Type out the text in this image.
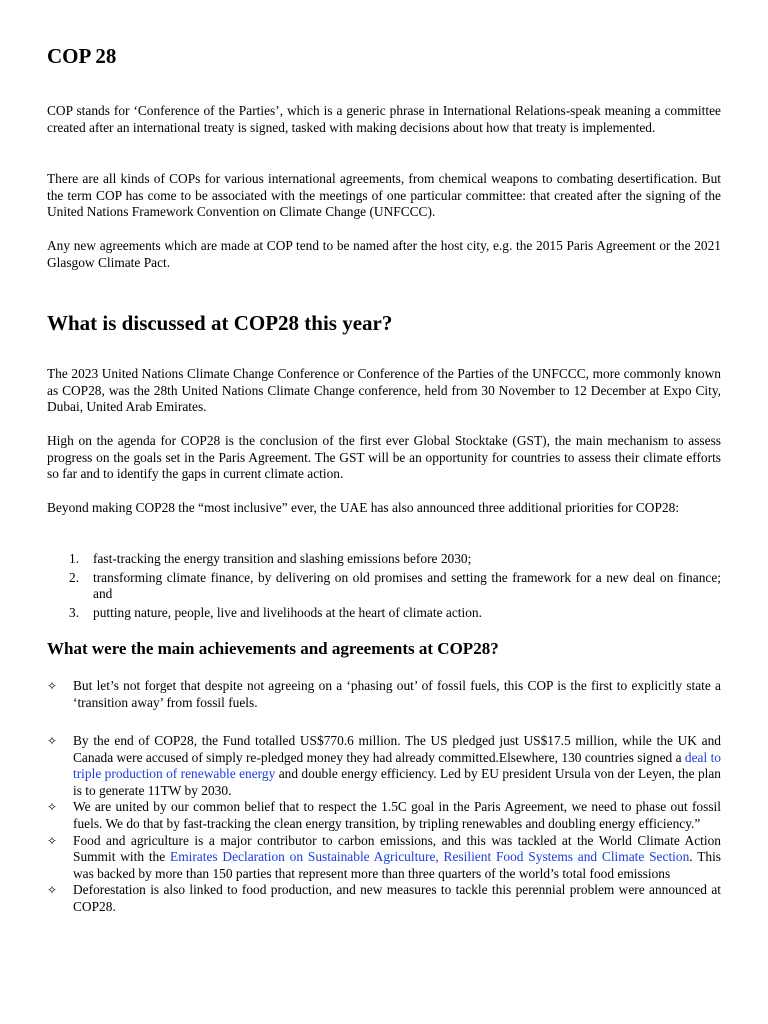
COP 28

COP stands for ‘Conference of the Parties’, which is a generic phrase in International Relations-speak meaning a committee created after an international treaty is signed, tasked with making decisions about how that treaty is implemented.

There are all kinds of COPs for various international agreements, from chemical weapons to combating desertification. But the term COP has come to be associated with the meetings of one particular committee: that created after the signing of the United Nations Framework Convention on Climate Change (UNFCCC).

Any new agreements which are made at COP tend to be named after the host city, e.g. the 2015 Paris Agreement or the 2021 Glasgow Climate Pact.

What is discussed at COP28 this year?

The 2023 United Nations Climate Change Conference or Conference of the Parties of the UNFCCC, more commonly known as COP28, was the 28th United Nations Climate Change conference, held from 30 November to 12 December at Expo City, Dubai, United Arab Emirates.

High on the agenda for COP28 is the conclusion of the first ever Global Stocktake (GST), the main mechanism to assess progress on the goals set in the Paris Agreement. The GST will be an opportunity for countries to assess their climate efforts so far and to identify the gaps in current climate action.

Beyond making COP28 the “most inclusive” ever, the UAE has also announced three additional priorities for COP28:

1. fast-tracking the energy transition and slashing emissions before 2030;
2. transforming climate finance, by delivering on old promises and setting the framework for a new deal on finance; and
3. putting nature, people, live and livelihoods at the heart of climate action.
What were the main achievements and agreements at COP28?
✧ But let’s not forget that despite not agreeing on a ‘phasing out’ of fossil fuels, this COP is the first to explicitly state a ‘transition away’ from fossil fuels.
✧ By the end of COP28, the Fund totalled US$770.6 million. The US pledged just US$17.5 million, while the UK and Canada were accused of simply re-pledged money they had already committed.Elsewhere, 130 countries signed a deal to triple production of renewable energy and double energy efficiency. Led by EU president Ursula von der Leyen, the plan is to generate 11TW by 2030.
✧ We are united by our common belief that to respect the 1.5C goal in the Paris Agreement, we need to phase out fossil fuels. We do that by fast-tracking the clean energy transition, by tripling renewables and doubling energy efficiency.”
✧ Food and agriculture is a major contributor to carbon emissions, and this was tackled at the World Climate Action Summit with the Emirates Declaration on Sustainable Agriculture, Resilient Food Systems and Climate Section. This was backed by more than 150 parties that represent more than three quarters of the world’s total food emissions
✧ Deforestation is also linked to food production, and new measures to tackle this perennial problem were announced at COP28.
